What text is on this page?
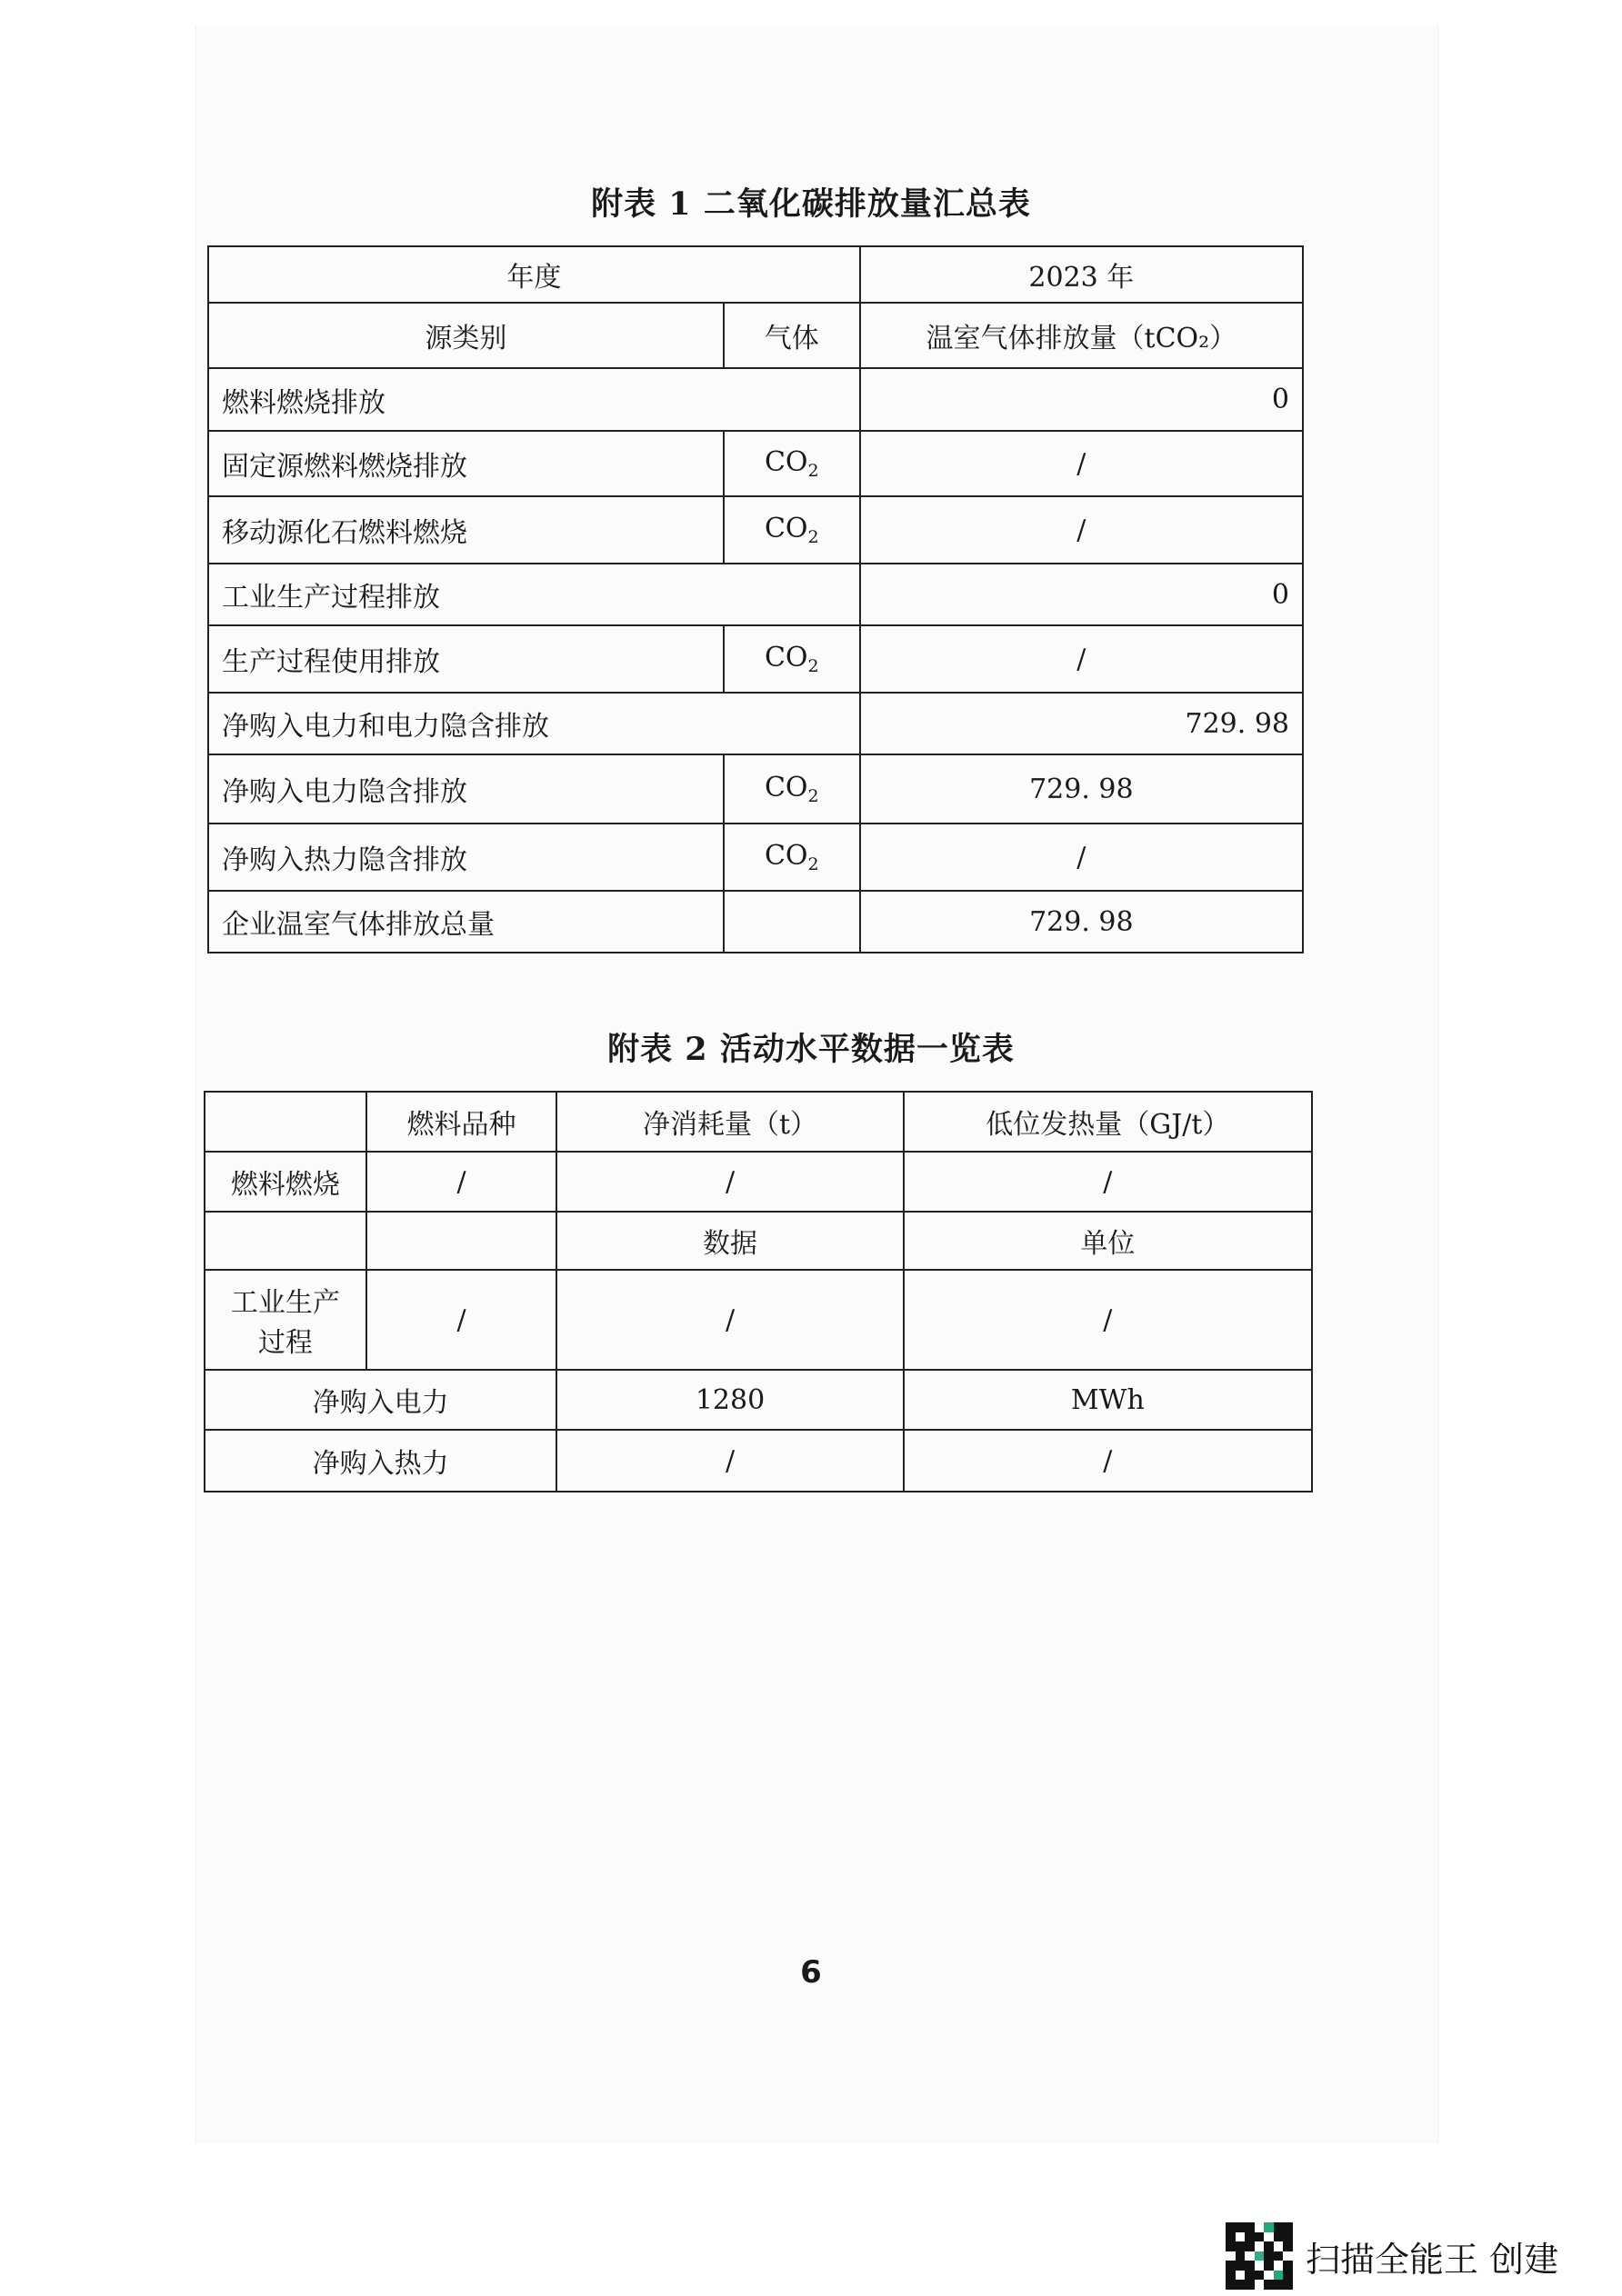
附表 1 二氧化碳排放量汇总表
年度		2023 年
源类别	气体	温室气体排放量（tCO₂）
燃料燃烧排放		0
固定源燃料燃烧排放	$CO_2$	/
移动源化石燃料燃烧	$CO_2$	/
工业生产过程排放		0
生产过程使用排放	$CO_2$	/
净购入电力和电力隐含排放		729. 98
净购入电力隐含排放	$CO_2$	729. 98
净购入热力隐含排放	$CO_2$	/
企业温室气体排放总量		729. 98
附表 2 活动水平数据一览表
	燃料品种	净消耗量（t）	低位发热量（GJ/t）
燃料燃烧	/	/	/
		数据	单位

工业生产
过程	/	/	/
净购入电力		1280	MWh
净购入热力		/	/
6
扫描全能王 创建
